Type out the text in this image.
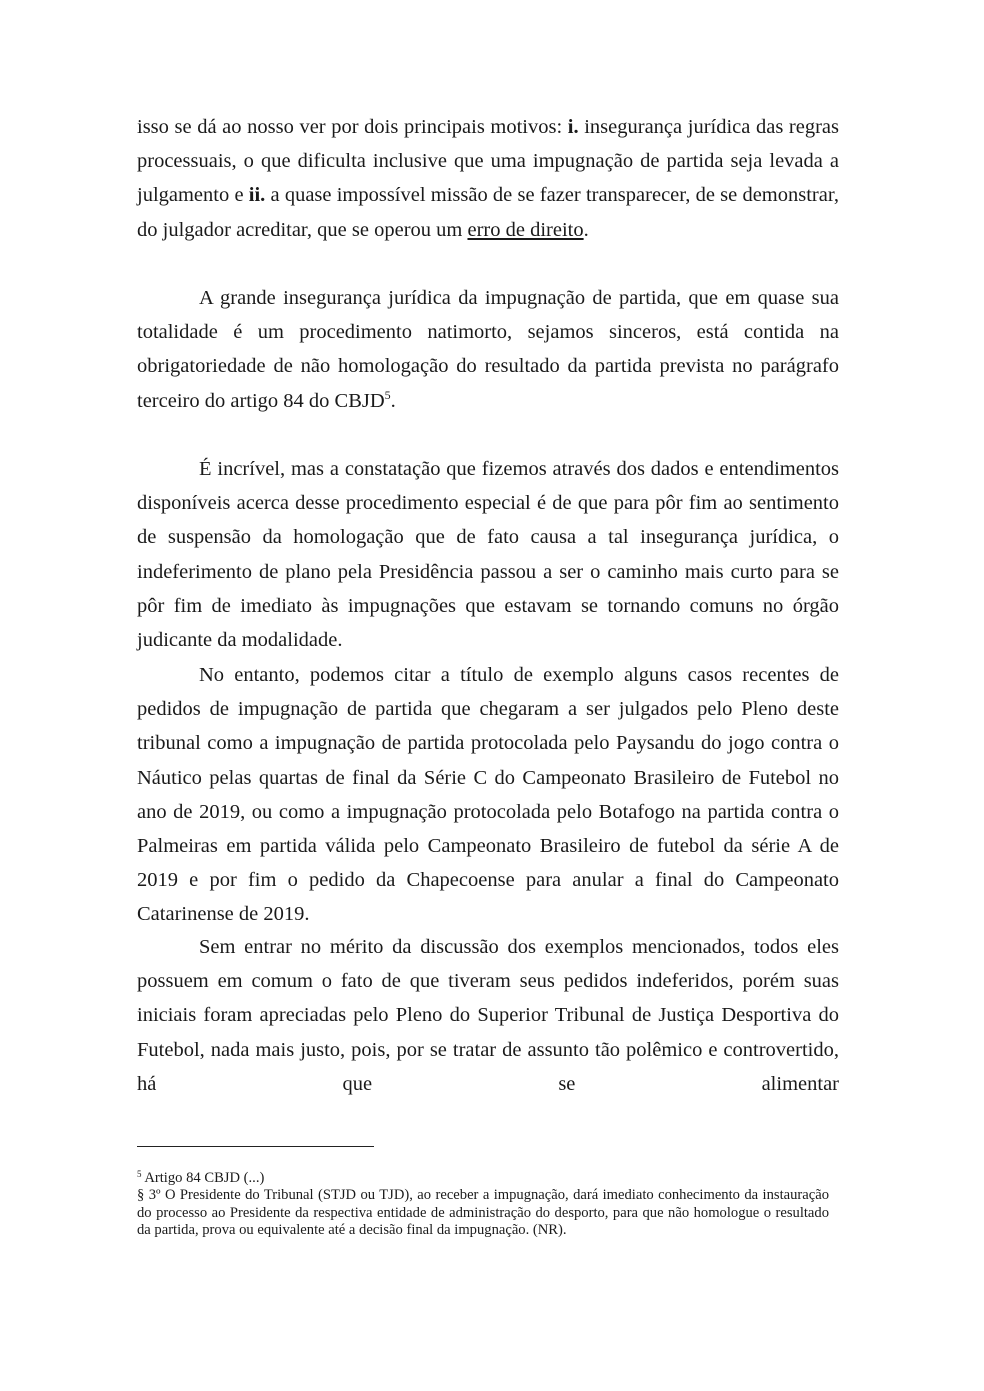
isso se dá ao nosso ver por dois principais motivos: i. insegurança jurídica das regras processuais, o que dificulta inclusive que uma impugnação de partida seja levada a julgamento e ii. a quase impossível missão de se fazer transparecer, de se demonstrar, do julgador acreditar, que se operou um erro de direito.

A grande insegurança jurídica da impugnação de partida, que em quase sua totalidade é um procedimento natimorto, sejamos sinceros, está contida na obrigatoriedade de não homologação do resultado da partida prevista no parágrafo terceiro do artigo 84 do CBJD$^5$.

É incrível, mas a constatação que fizemos através dos dados e entendimentos disponíveis acerca desse procedimento especial é de que para pôr fim ao sentimento de suspensão da homologação que de fato causa a tal insegurança jurídica, o indeferimento de plano pela Presidência passou a ser o caminho mais curto para se pôr fim de imediato às impugnações que estavam se tornando comuns no órgão judicante da modalidade.

No entanto, podemos citar a título de exemplo alguns casos recentes de pedidos de impugnação de partida que chegaram a ser julgados pelo Pleno deste tribunal como a impugnação de partida protocolada pelo Paysandu do jogo contra o Náutico pelas quartas de final da Série C do Campeonato Brasileiro de Futebol no ano de 2019, ou como a impugnação protocolada pelo Botafogo na partida contra o Palmeiras em partida válida pelo Campeonato Brasileiro de futebol da série A de 2019 e por fim o pedido da Chapecoense para anular a final do Campeonato Catarinense de 2019.

Sem entrar no mérito da discussão dos exemplos mencionados, todos eles possuem em comum o fato de que tiveram seus pedidos indeferidos, porém suas iniciais foram apreciadas pelo Pleno do Superior Tribunal de Justiça Desportiva do Futebol, nada mais justo, pois, por se tratar de assunto tão polêmico e controvertido, há que se alimentar

$^5$ Artigo 84 CBJD (...)
§ 3º O Presidente do Tribunal (STJD ou TJD), ao receber a impugnação, dará imediato conhecimento da instauração do processo ao Presidente da respectiva entidade de administração do desporto, para que não homologue o resultado da partida, prova ou equivalente até a decisão final da impugnação. (NR).
